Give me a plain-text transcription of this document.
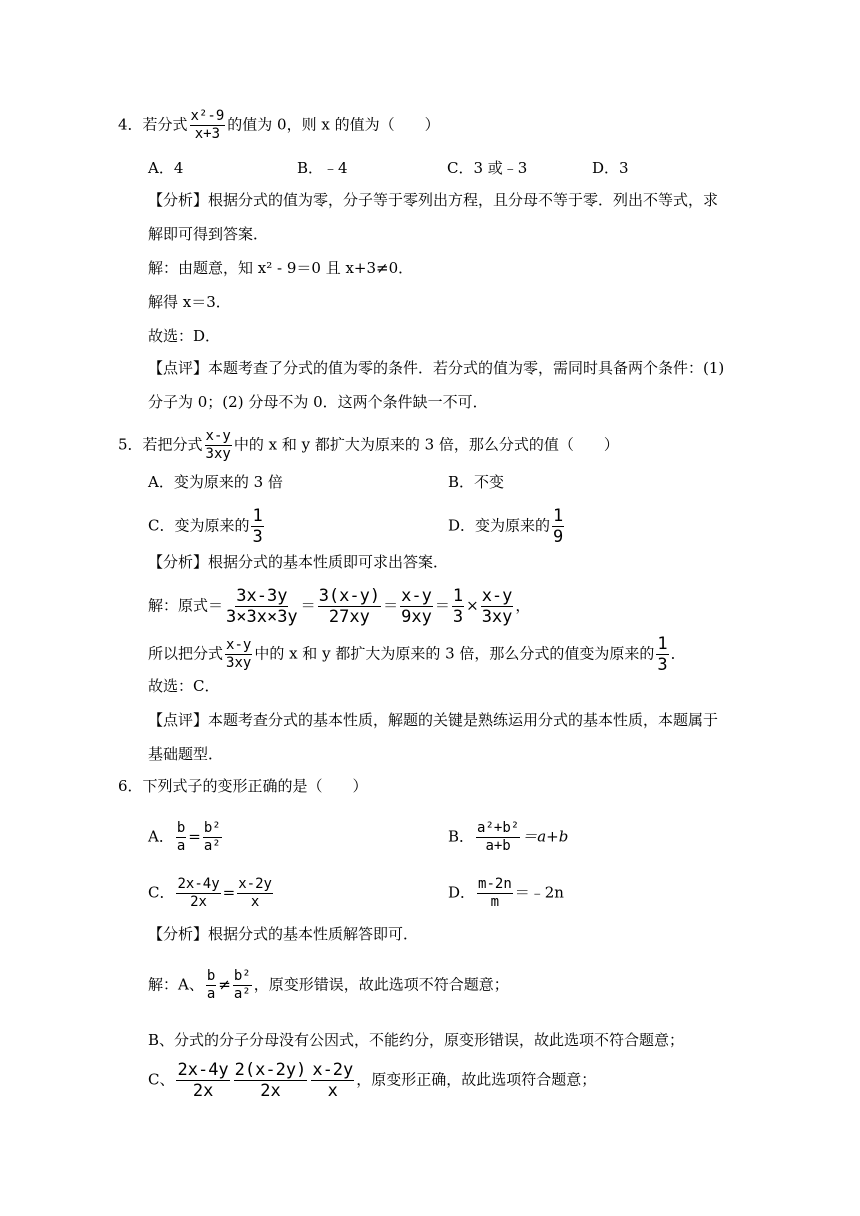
4．若分式 $\frac{\text{x²-9}}{x+3}$ 的值为 0，则 x 的值为（　　）
A．4	B．﹣4	C．3 或﹣3	D．3
【分析】根据分式的值为零，分子等于零列出方程，且分母不等于零．列出不等式，求
解即可得到答案．
解：由题意，知 x² - 9＝0 且 x+3≠0．
解得 x＝3．
故选：D．
【点评】本题考查了分式的值为零的条件．若分式的值为零，需同时具备两个条件：(1)
分子为 0；(2) 分母不为 0．这两个条件缺一不可．
5．若把分式 $\frac{x-y}{3xy}$ 中的 x 和 y 都扩大为原来的 3 倍，那么分式的值（　　）
A．变为原来的 3 倍	B．不变
C．变为原来的 $\frac{1}{3}$	D．变为原来的 $\frac{1}{9}$
【分析】根据分式的基本性质即可求出答案．
解：原式＝ $\frac{3x-3y}{3\times 3x\times 3y} = \frac{3(x-y)}{27xy} = \frac{x-y}{9xy} = \frac{1}{3} \times \frac{x-y}{3xy}$ ，
所以把分式 $\frac{x-y}{3xy}$ 中的 x 和 y 都扩大为原来的 3 倍，那么分式的值变为原来的 $\frac{1}{3}$ ．
故选：C．
【点评】本题考查分式的基本性质，解题的关键是熟练运用分式的基本性质，本题属于
基础题型．
6．下列式子的变形正确的是（　　）
A． $\frac{b}{a} = \frac{\text{b²}}{\text{a²}}$	B． $\frac{\text{a²+b²}}{a+b} =a+b$
C． $\frac{2x-4y}{2x} = \frac{x-2y}{x}$	D． $\frac{m-2n}{m}$ ＝﹣2n
【分析】根据分式的基本性质解答即可．
解：A、 $\frac{b}{a} \ne \frac{\text{b²}}{\text{a²}}$ ，原变形错误，故此选项不符合题意；
B、分式的分子分母没有公因式，不能约分，原变形错误，故此选项不符合题意；
C、 $\frac{2x-4y}{2x} \frac{2(x-2y)}{2x} \frac{x-2y}{x}$ ，原变形正确，故此选项符合题意；
